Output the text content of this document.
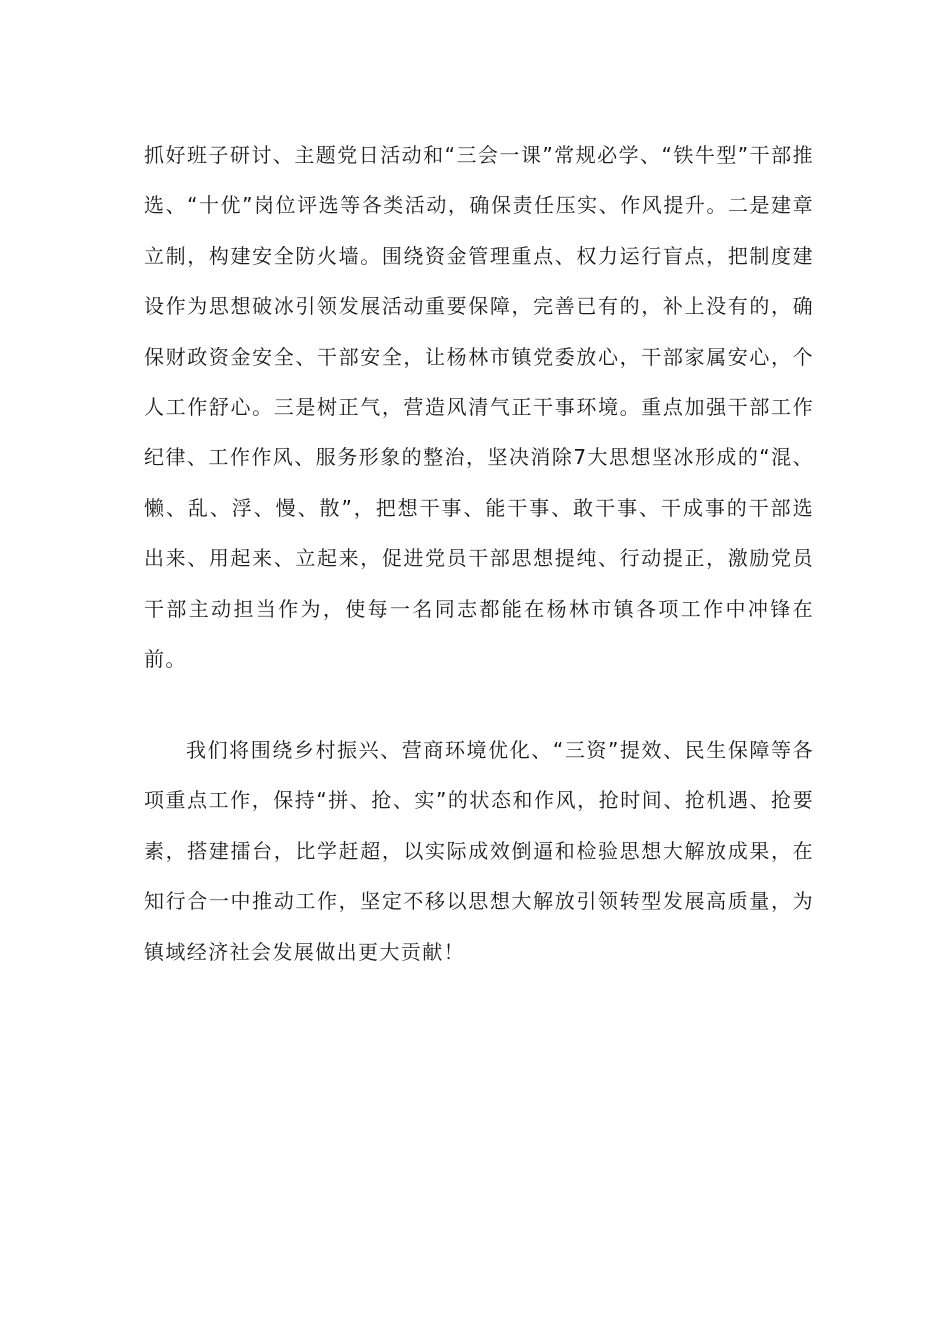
抓好班子研讨、主题党日活动和“三会一课”常规必学、“铁牛型”干部推选、“十优”岗位评选等各类活动，确保责任压实、作风提升。二是建章立制，构建安全防火墙。围绕资金管理重点、权力运行盲点，把制度建设作为思想破冰引领发展活动重要保障，完善已有的，补上没有的，确保财政资金安全、干部安全，让杨林市镇党委放心，干部家属安心，个人工作舒心。三是树正气，营造风清气正干事环境。重点加强干部工作纪律、工作作风、服务形象的整治，坚决消除7大思想坚冰形成的“混、懒、乱、浮、慢、散”，把想干事、能干事、敢干事、干成事的干部选出来、用起来、立起来，促进党员干部思想提纯、行动提正，激励党员干部主动担当作为，使每一名同志都能在杨林市镇各项工作中冲锋在前。

我们将围绕乡村振兴、营商环境优化、“三资”提效、民生保障等各项重点工作，保持“拼、抢、实”的状态和作风，抢时间、抢机遇、抢要素，搭建擂台，比学赶超，以实际成效倒逼和检验思想大解放成果，在知行合一中推动工作，坚定不移以思想大解放引领转型发展高质量，为镇域经济社会发展做出更大贡献！
